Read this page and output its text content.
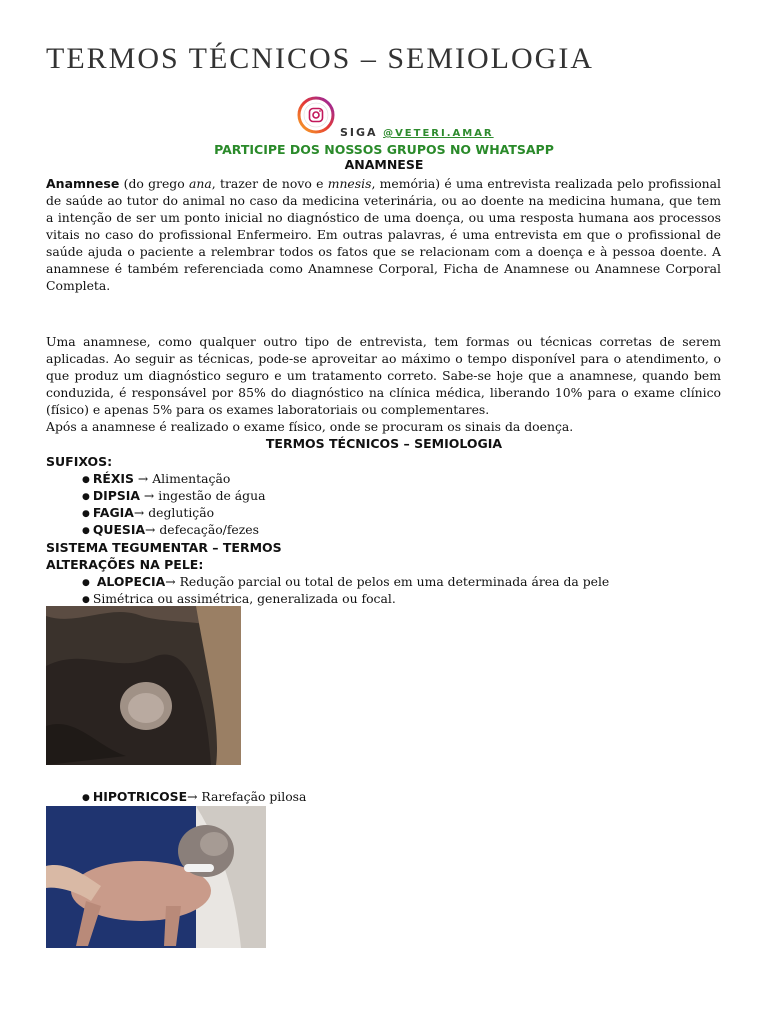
TERMOS TÉCNICOS – SEMIOLOGIA
SIGA @VETERI.AMAR
PARTICIPE DOS NOSSOS GRUPOS NO WHATSAPP
ANAMNESE

Anamnese (do grego ana, trazer de novo e mnesis, memória) é uma entrevista realizada pelo profissional de saúde ao tutor do animal no caso da medicina veterinária, ou ao doente na medicina humana, que tem a intenção de ser um ponto inicial no diagnóstico de uma doença, ou uma resposta humana aos processos vitais no caso do profissional Enfermeiro. Em outras palavras, é uma entrevista em que o profissional de saúde ajuda o paciente a relembrar todos os fatos que se relacionam com a doença e à pessoa doente. A anamnese é também referenciada como Anamnese Corporal, Ficha de Anamnese ou Anamnese Corporal Completa.

Uma anamnese, como qualquer outro tipo de entrevista, tem formas ou técnicas corretas de serem aplicadas. Ao seguir as técnicas, pode-se aproveitar ao máximo o tempo disponível para o atendimento, o que produz um diagnóstico seguro e um tratamento correto. Sabe-se hoje que a anamnese, quando bem conduzida, é responsável por 85% do diagnóstico na clínica médica, liberando 10% para o exame clínico (físico) e apenas 5% para os exames laboratoriais ou complementares.

Após a anamnese é realizado o exame físico, onde se procuram os sinais da doença.
TERMOS TÉCNICOS – SEMIOLOGIA
SUFIXOS:
● RÉXIS → Alimentação
● DIPSIA → ingestão de água
● FAGIA→ deglutição
● QUESIA→ defecação/fezes
SISTEMA TEGUMENTAR – TERMOS
ALTERAÇÕES NA PELE:
● ALOPECIA→ Redução parcial ou total de pelos em uma determinada área da pele
● Simétrica ou assimétrica, generalizada ou focal.
● HIPOTRICOSE→ Rarefação pilosa
